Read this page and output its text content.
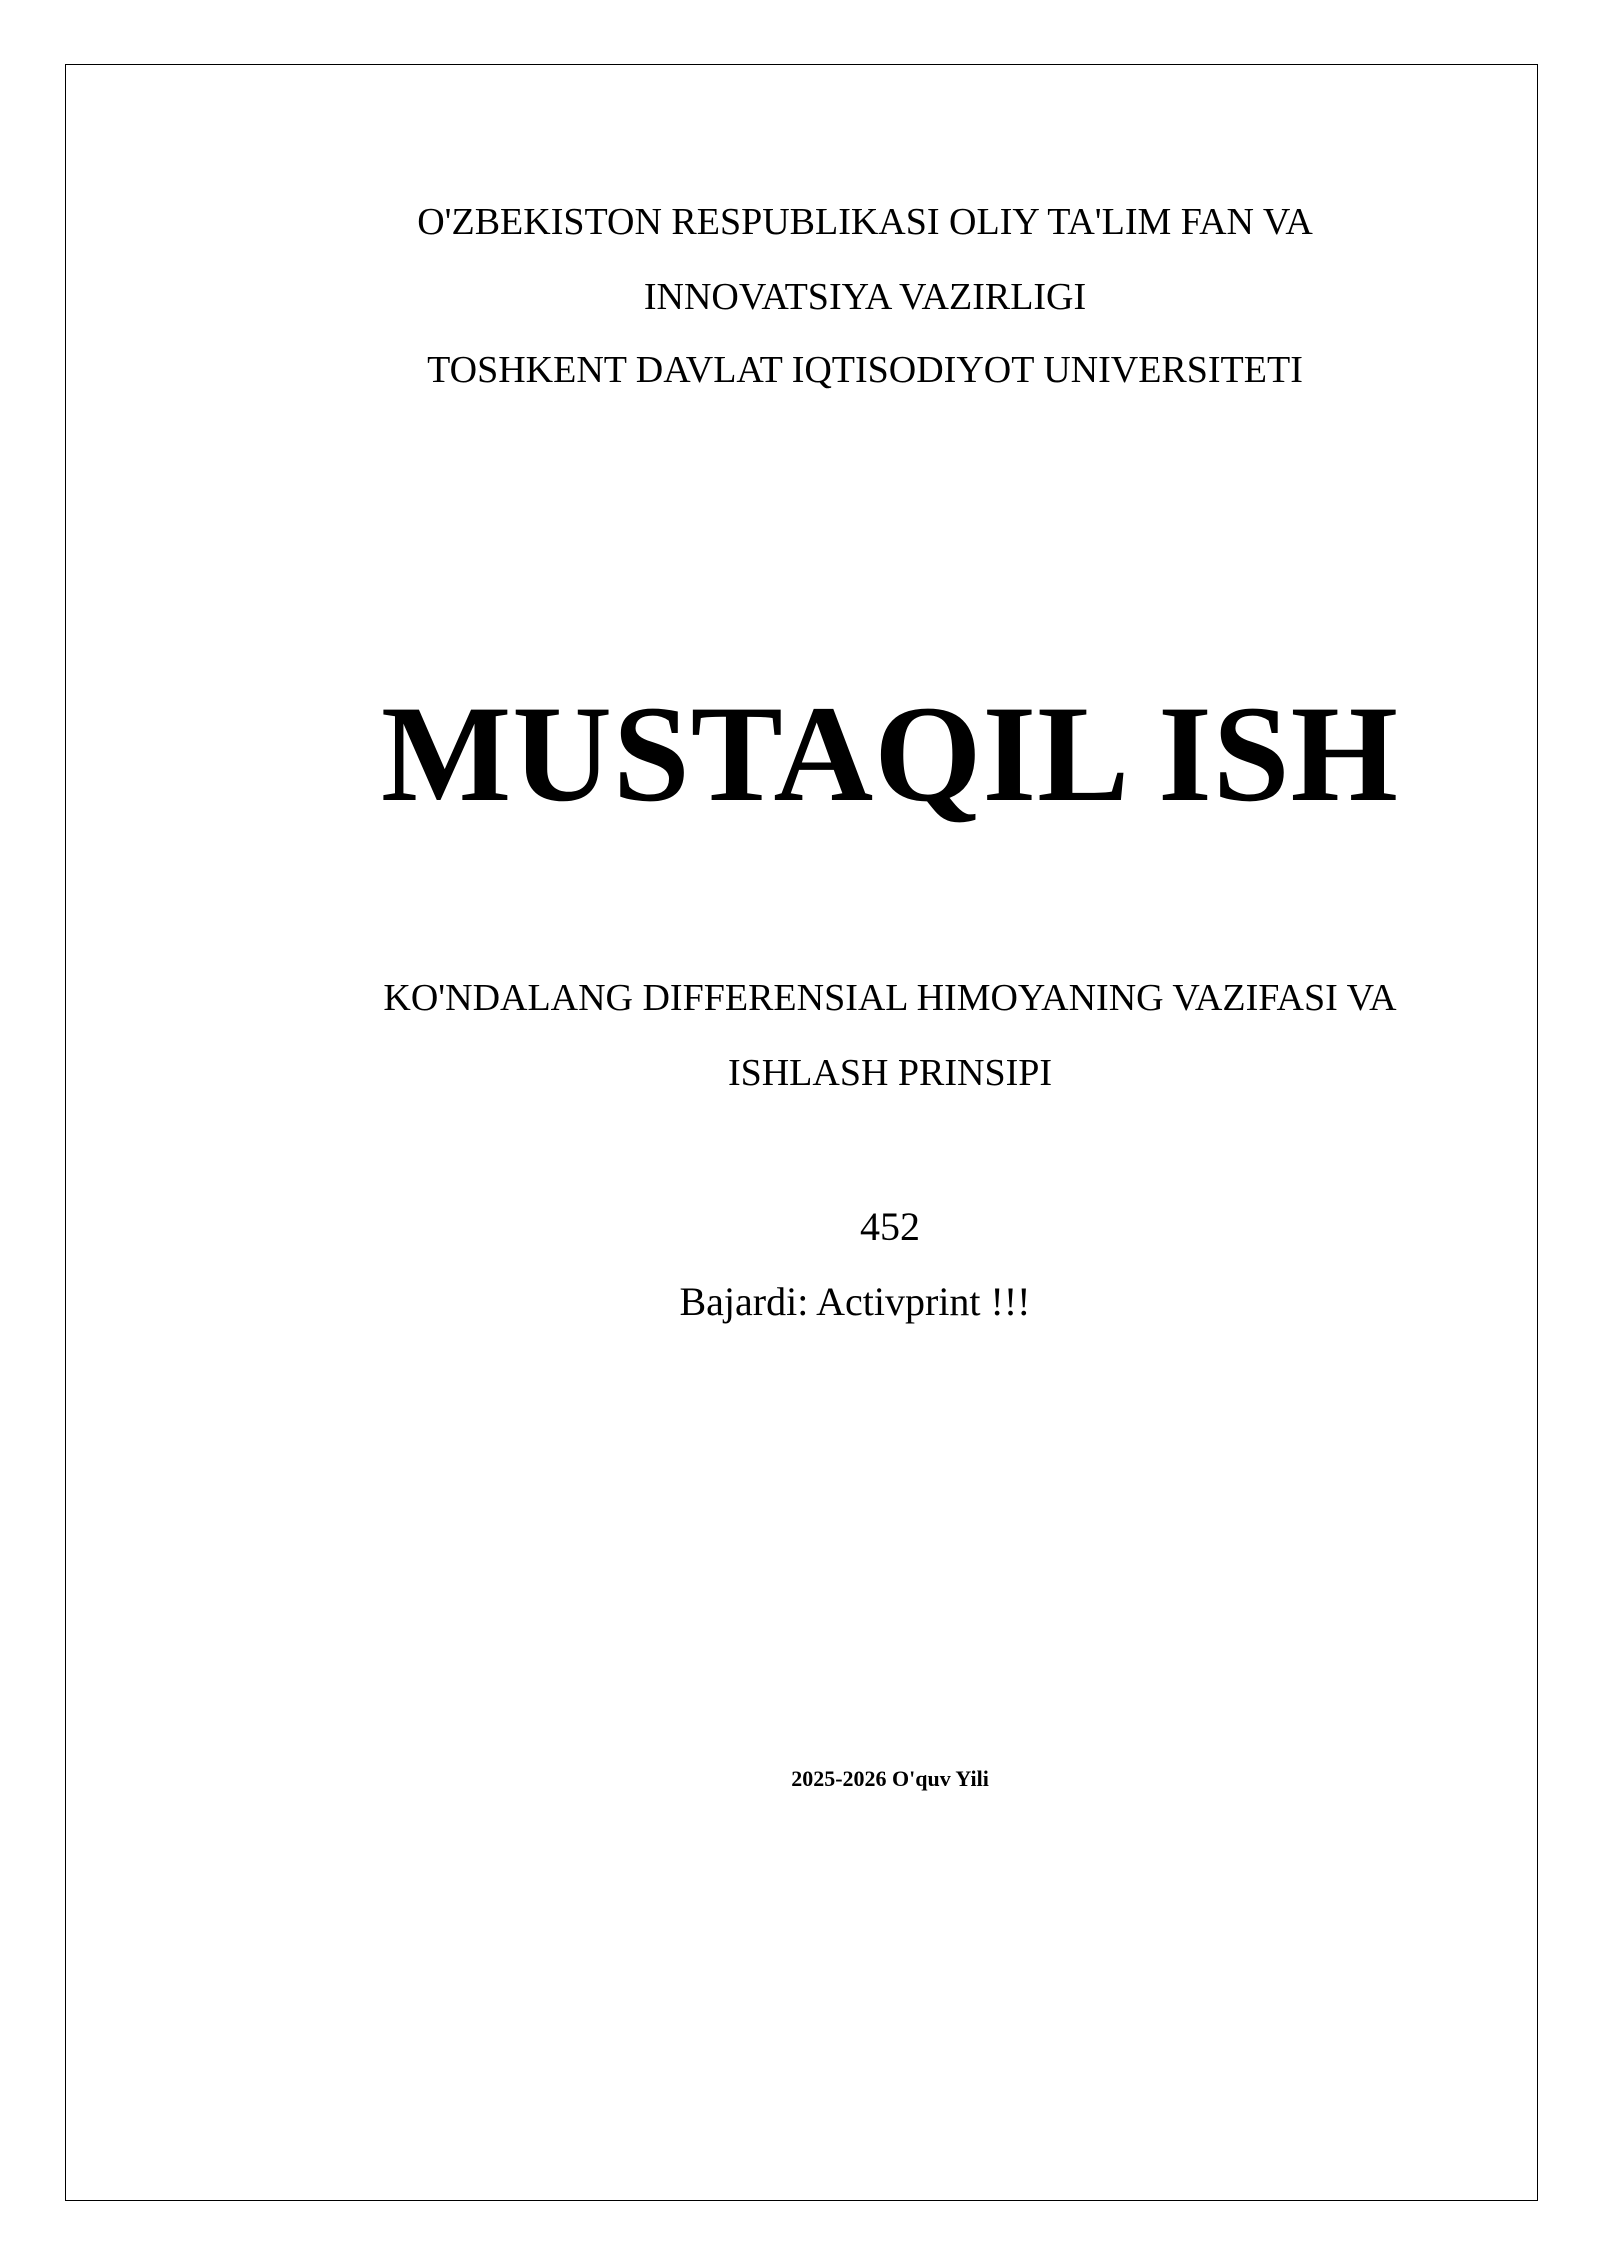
O'ZBEKISTON RESPUBLIKASI OLIY TA'LIM FAN VA
INNOVATSIYA VAZIRLIGI
TOSHKENT DAVLAT IQTISODIYOT UNIVERSITETI
MUSTAQIL ISH
KO'NDALANG DIFFERENSIAL HIMOYANING VAZIFASI VA
ISHLASH PRINSIPI
452
Bajardi: Activprint !!!
2025-2026 O'quv Yili
